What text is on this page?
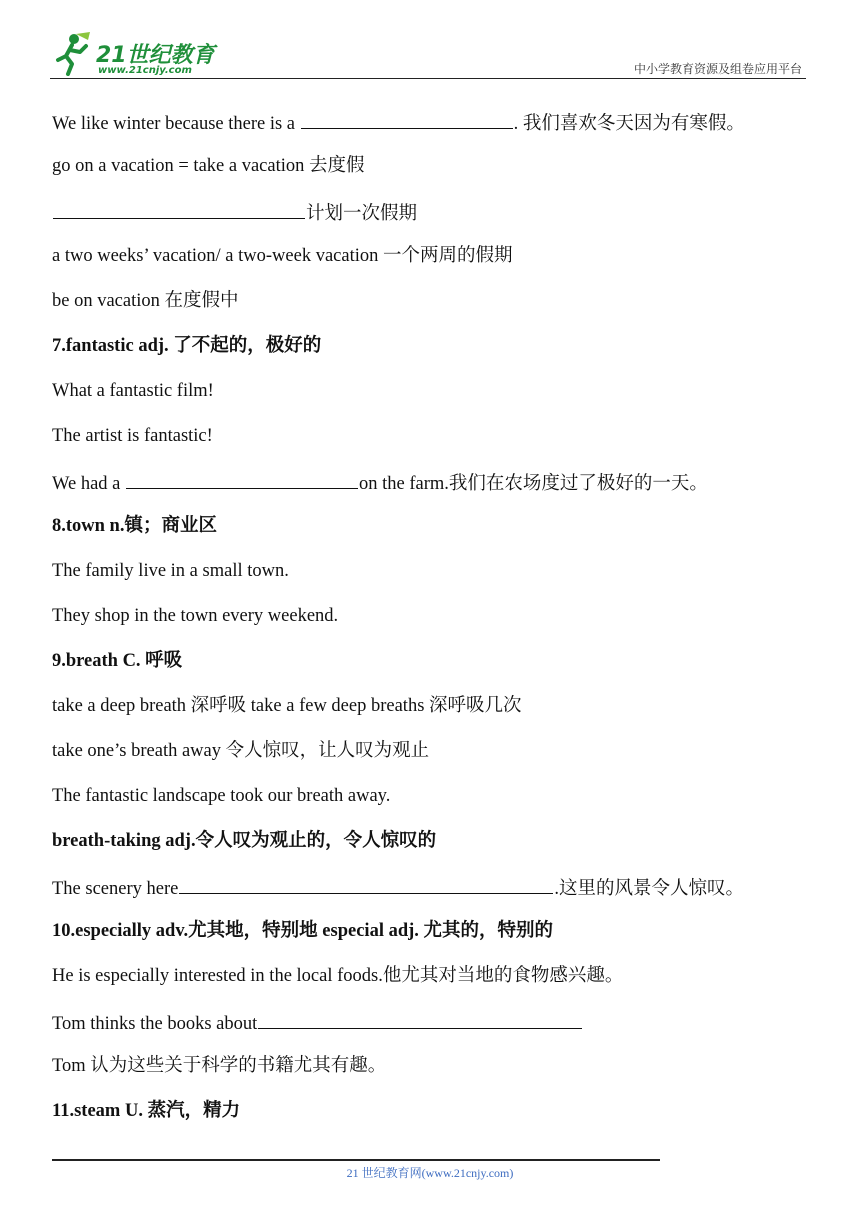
21世纪教育
www.21cnjy.com	中小学教育资源及组卷应用平台
We like winter because there is a	. 我们喜欢冬天因为有寒假。
go on a vacation = take a vacation 去度假
计划一次假期
a two weeks’ vacation/ a two-week vacation 一个两周的假期
be on vacation 在度假中
7.fantastic adj. 了不起的，极好的
What a fantastic film!
The artist is fantastic!
We had a	on the farm.我们在农场度过了极好的一天。
8.town n.镇；商业区
The family live in a small town.
They shop in the town every weekend.
9.breath C. 呼吸
take a deep breath 深呼吸 take a few deep breaths 深呼吸几次
take one’s breath away 令人惊叹，让人叹为观止
The fantastic landscape took our breath away.
breath-taking adj.令人叹为观止的，令人惊叹的
The scenery here	.这里的风景令人惊叹。
10.especially adv.尤其地，特别地 especial adj. 尤其的，特别的
He is especially interested in the local foods.他尤其对当地的食物感兴趣。
Tom thinks the books about
Tom 认为这些关于科学的书籍尤其有趣。
11.steam U. 蒸汽，精力
21 世纪教育网(www.21cnjy.com)
